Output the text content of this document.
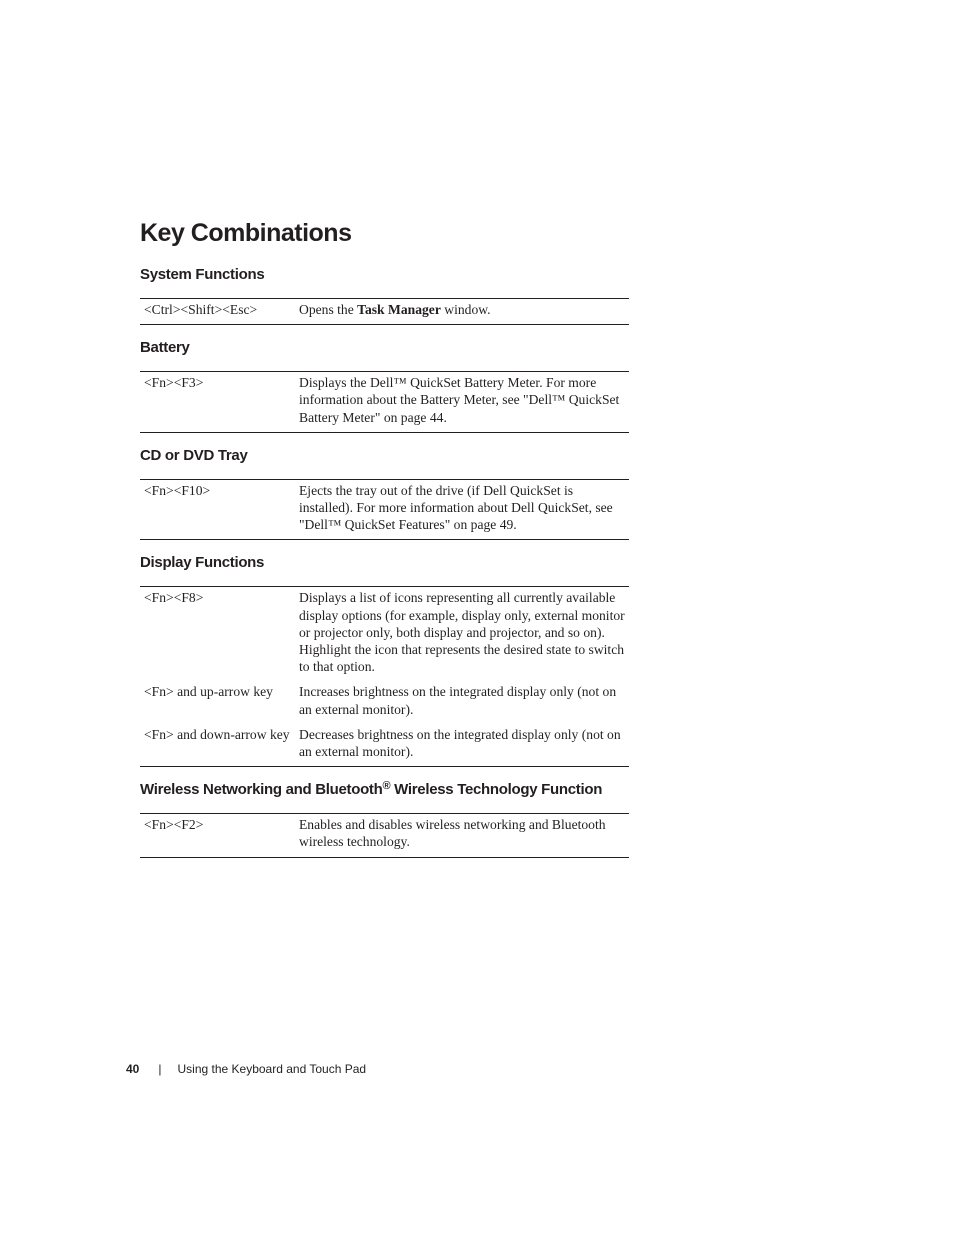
Key Combinations
System Functions
<Ctrl><Shift><Esc>	Opens the Task Manager window.
Battery
<Fn><F3>	Displays the Dell™ QuickSet Battery Meter. For more information about the Battery Meter, see "Dell™ QuickSet Battery Meter" on page 44.
CD or DVD Tray
<Fn><F10>	Ejects the tray out of the drive (if Dell QuickSet is installed). For more information about Dell QuickSet, see "Dell™ QuickSet Features" on page 49.
Display Functions
<Fn><F8>	Displays a list of icons representing all currently available display options (for example, display only, external monitor or projector only, both display and projector, and so on). Highlight the icon that represents the desired state to switch to that option.
<Fn> and up-arrow key	Increases brightness on the integrated display only (not on an external monitor).
<Fn> and down-arrow key	Decreases brightness on the integrated display only (not on an external monitor).
Wireless Networking and Bluetooth® Wireless Technology Function
<Fn><F2>	Enables and disables wireless networking and Bluetooth wireless technology.
40 | Using the Keyboard and Touch Pad
